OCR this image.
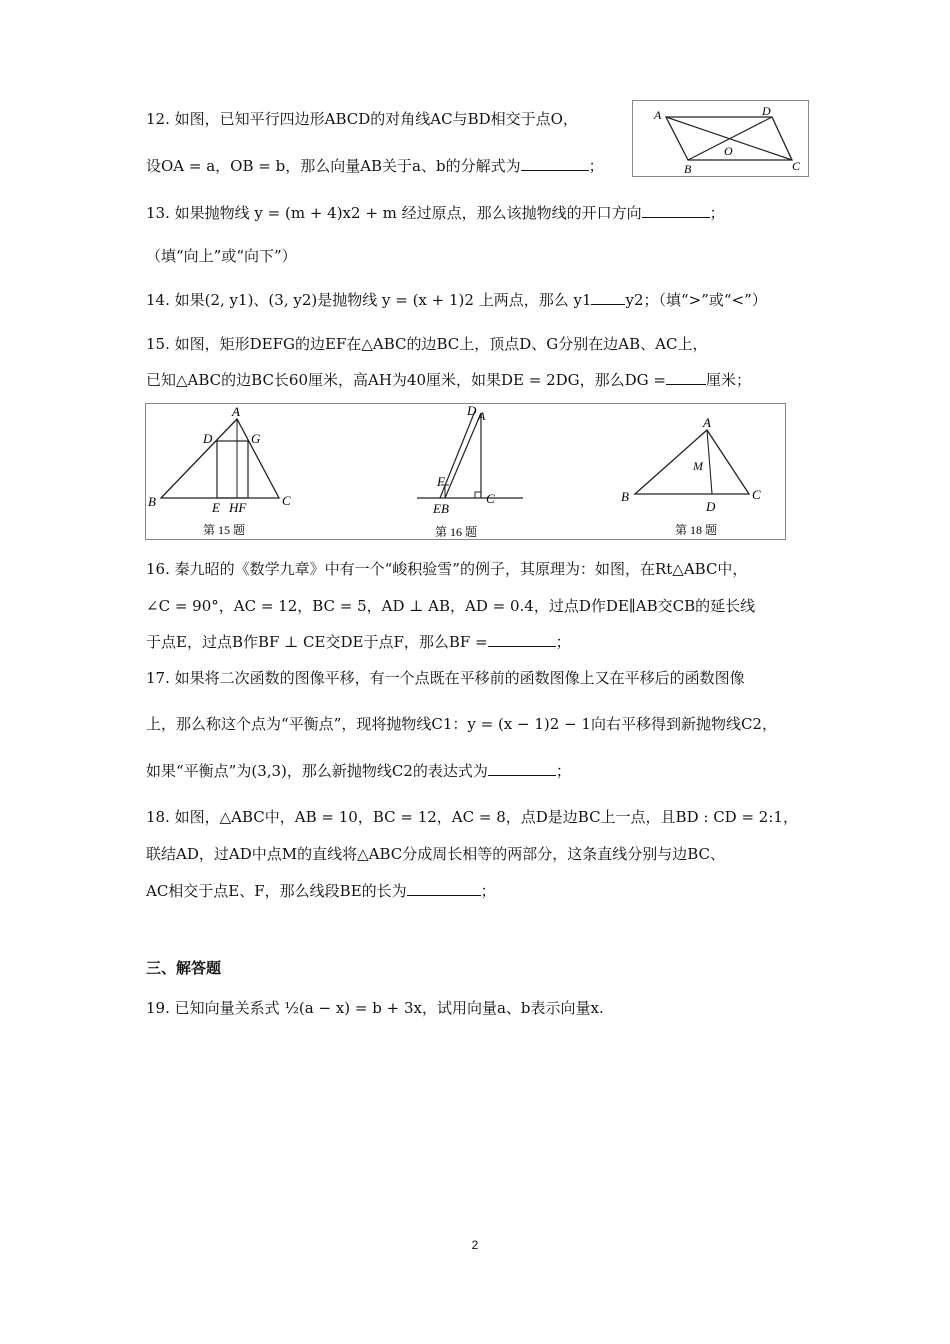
12. 如图，已知平行四边形ABCD的对角线AC与BD相交于点O，
设OA = a，OB = b，那么向量AB关于a、b的分解式为	；
A	D
O
B	C
13. 如果抛物线 y = (m + 4)x2 + m 经过原点，那么该抛物线的开口方向	；
（填“向上”或“向下”）
14. 如果(2, y1)、(3, y2)是抛物线 y = (x + 1)2 上两点，那么 y1 y2；（填“>”或“<”）
15. 如图，矩形DEFG的边EF在△ABC的边BC上，顶点D、G分别在边AB、AC上，
已知△ABC的边BC长60厘米，高AH为40厘米，如果DE = 2DG，那么DG =	厘米；
A
D	G
B	E HF	C
第 15 题
D A
F
EB
C
第 16 题
A
M
B
D
C
第 18 题
16. 秦九昭的《数学九章》中有一个“峻积验雪”的例子，其原理为：如图，在Rt△ABC中，
∠C = 90°，AC = 12，BC = 5，AD ⊥ AB，AD = 0.4，过点D作DE∥AB交CB的延长线
于点E，过点B作BF ⊥ CE交DE于点F，那么BF =	；
17. 如果将二次函数的图像平移，有一个点既在平移前的函数图像上又在平移后的函数图像
上，那么称这个点为“平衡点”，现将抛物线C1：y = (x − 1)2 − 1向右平移得到新抛物线C2，
如果“平衡点”为(3,3)，那么新抛物线C2的表达式为	；
18. 如图，△ABC中，AB = 10，BC = 12，AC = 8，点D是边BC上一点，且BD : CD = 2:1，
联结AD，过AD中点M的直线将△ABC分成周长相等的两部分，这条直线分别与边BC、
AC相交于点E、F，那么线段BE的长为	；
三、解答题
19. 已知向量关系式 ½(a − x) = b + 3x，试用向量a、b表示向量x.
2
